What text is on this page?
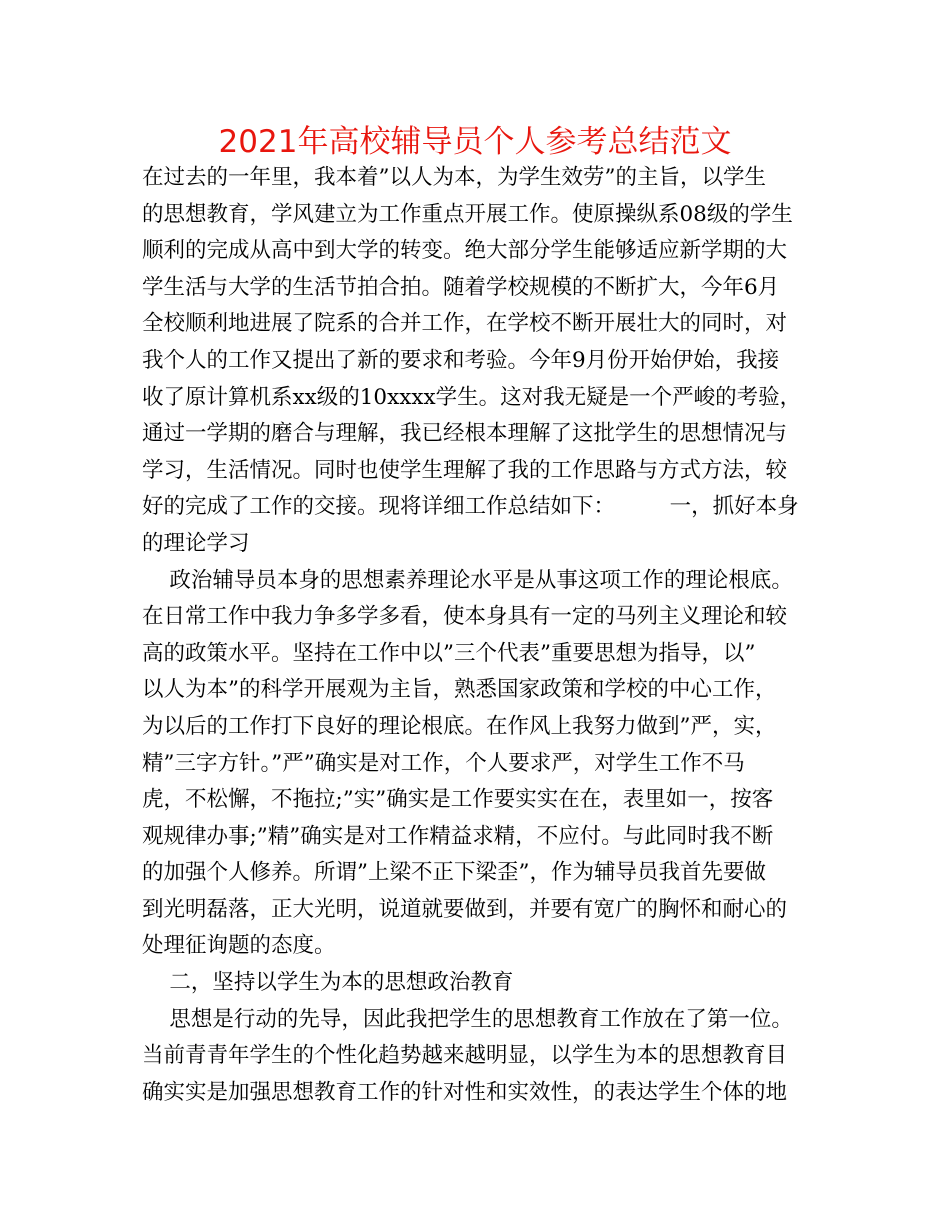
2021年高校辅导员个人参考总结范文
在过去的一年里，我本着”以人为本，为学生效劳”的主旨，以学生
的思想教育，学风建立为工作重点开展工作。使原操纵系08级的学生
顺利的完成从高中到大学的转变。绝大部分学生能够适应新学期的大
学生活与大学的生活节拍合拍。随着学校规模的不断扩大，今年6月
全校顺利地进展了院系的合并工作，在学校不断开展壮大的同时，对
我个人的工作又提出了新的要求和考验。今年9月份开始伊始，我接
收了原计算机系xx级的10xxxx学生。这对我无疑是一个严峻的考验，
通过一学期的磨合与理解，我已经根本理解了这批学生的思想情况与
学习，生活情况。同时也使学生理解了我的工作思路与方式方法，较
好的完成了工作的交接。现将详细工作总结如下：        一，抓好本身
的理论学习
政治辅导员本身的思想素养理论水平是从事这项工作的理论根底。
在日常工作中我力争多学多看，使本身具有一定的马列主义理论和较
高的政策水平。坚持在工作中以”三个代表”重要思想为指导，以”
以人为本”的科学开展观为主旨，熟悉国家政策和学校的中心工作，
为以后的工作打下良好的理论根底。在作风上我努力做到”严，实，
精”三字方针。”严”确实是对工作，个人要求严，对学生工作不马
虎，不松懈，不拖拉;”实”确实是工作要实实在在，表里如一，按客
观规律办事;”精”确实是对工作精益求精，不应付。与此同时我不断
的加强个人修养。所谓”上梁不正下梁歪”，作为辅导员我首先要做
到光明磊落，正大光明，说道就要做到，并要有宽广的胸怀和耐心的
处理征询题的态度。
二，坚持以学生为本的思想政治教育
思想是行动的先导，因此我把学生的思想教育工作放在了第一位。
当前青青年学生的个性化趋势越来越明显，以学生为本的思想教育目
确实实是加强思想教育工作的针对性和实效性，的表达学生个体的地
